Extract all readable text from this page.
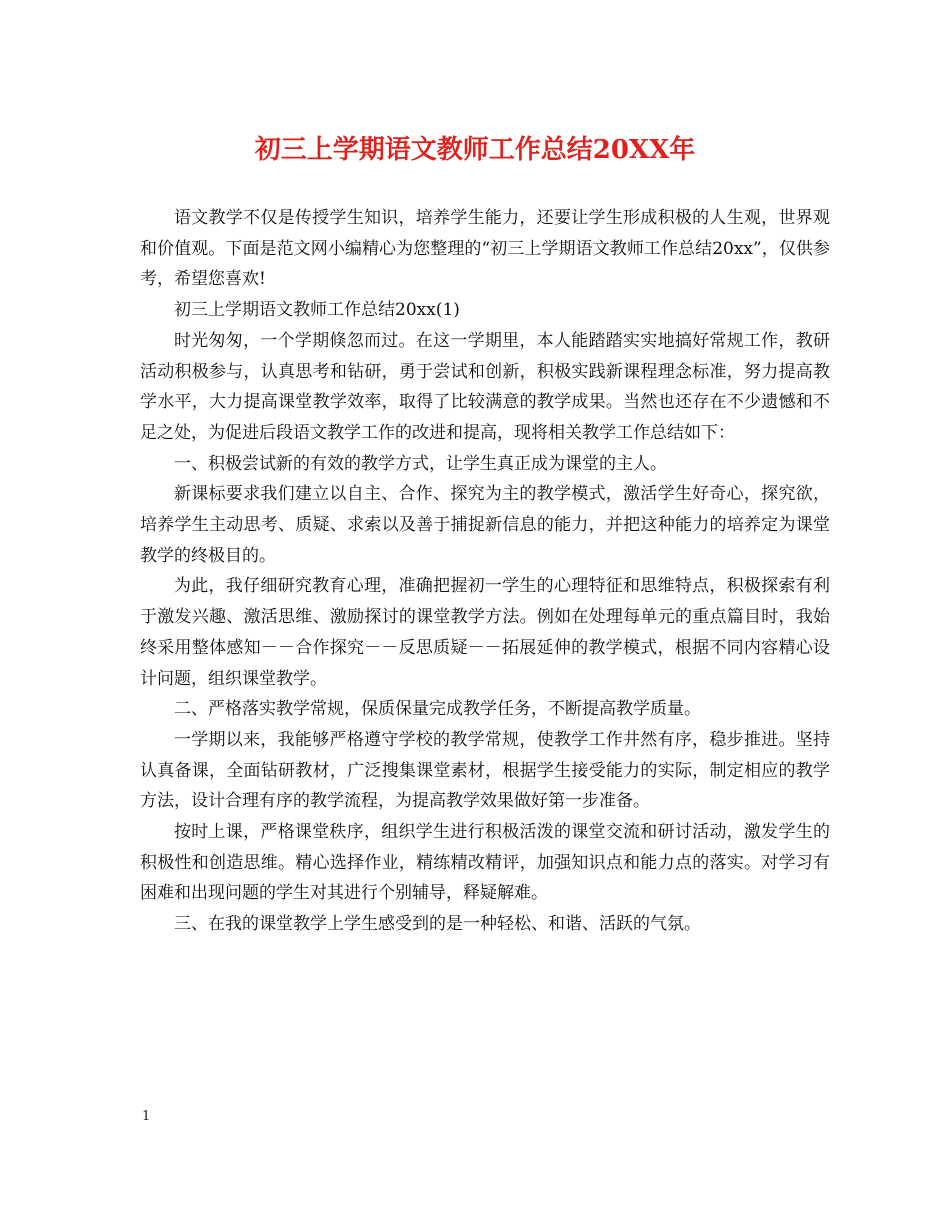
初三上学期语文教师工作总结20XX年

语文教学不仅是传授学生知识，培养学生能力，还要让学生形成积极的人生观，世界观和价值观。下面是范文网小编精心为您整理的“初三上学期语文教师工作总结20xx”，仅供参考，希望您喜欢!

初三上学期语文教师工作总结20xx(1)

时光匆匆，一个学期倏忽而过。在这一学期里，本人能踏踏实实地搞好常规工作，教研活动积极参与，认真思考和钻研，勇于尝试和创新，积极实践新课程理念标准，努力提高教学水平，大力提高课堂教学效率，取得了比较满意的教学成果。当然也还存在不少遗憾和不足之处，为促进后段语文教学工作的改进和提高，现将相关教学工作总结如下：

一、积极尝试新的有效的教学方式，让学生真正成为课堂的主人。

新课标要求我们建立以自主、合作、探究为主的教学模式，激活学生好奇心，探究欲，培养学生主动思考、质疑、求索以及善于捕捉新信息的能力，并把这种能力的培养定为课堂教学的终极目的。

为此，我仔细研究教育心理，准确把握初一学生的心理特征和思维特点，积极探索有利于激发兴趣、激活思维、激励探讨的课堂教学方法。例如在处理每单元的重点篇目时，我始终采用整体感知－－合作探究－－反思质疑－－拓展延伸的教学模式，根据不同内容精心设计问题，组织课堂教学。

二、严格落实教学常规，保质保量完成教学任务，不断提高教学质量。

一学期以来，我能够严格遵守学校的教学常规，使教学工作井然有序，稳步推进。坚持认真备课，全面钻研教材，广泛搜集课堂素材，根据学生接受能力的实际，制定相应的教学方法，设计合理有序的教学流程，为提高教学效果做好第一步准备。

按时上课，严格课堂秩序，组织学生进行积极活泼的课堂交流和研讨活动，激发学生的积极性和创造思维。精心选择作业，精练精改精评，加强知识点和能力点的落实。对学习有困难和出现问题的学生对其进行个别辅导，释疑解难。

三、在我的课堂教学上学生感受到的是一种轻松、和谐、活跃的气氛。

1
